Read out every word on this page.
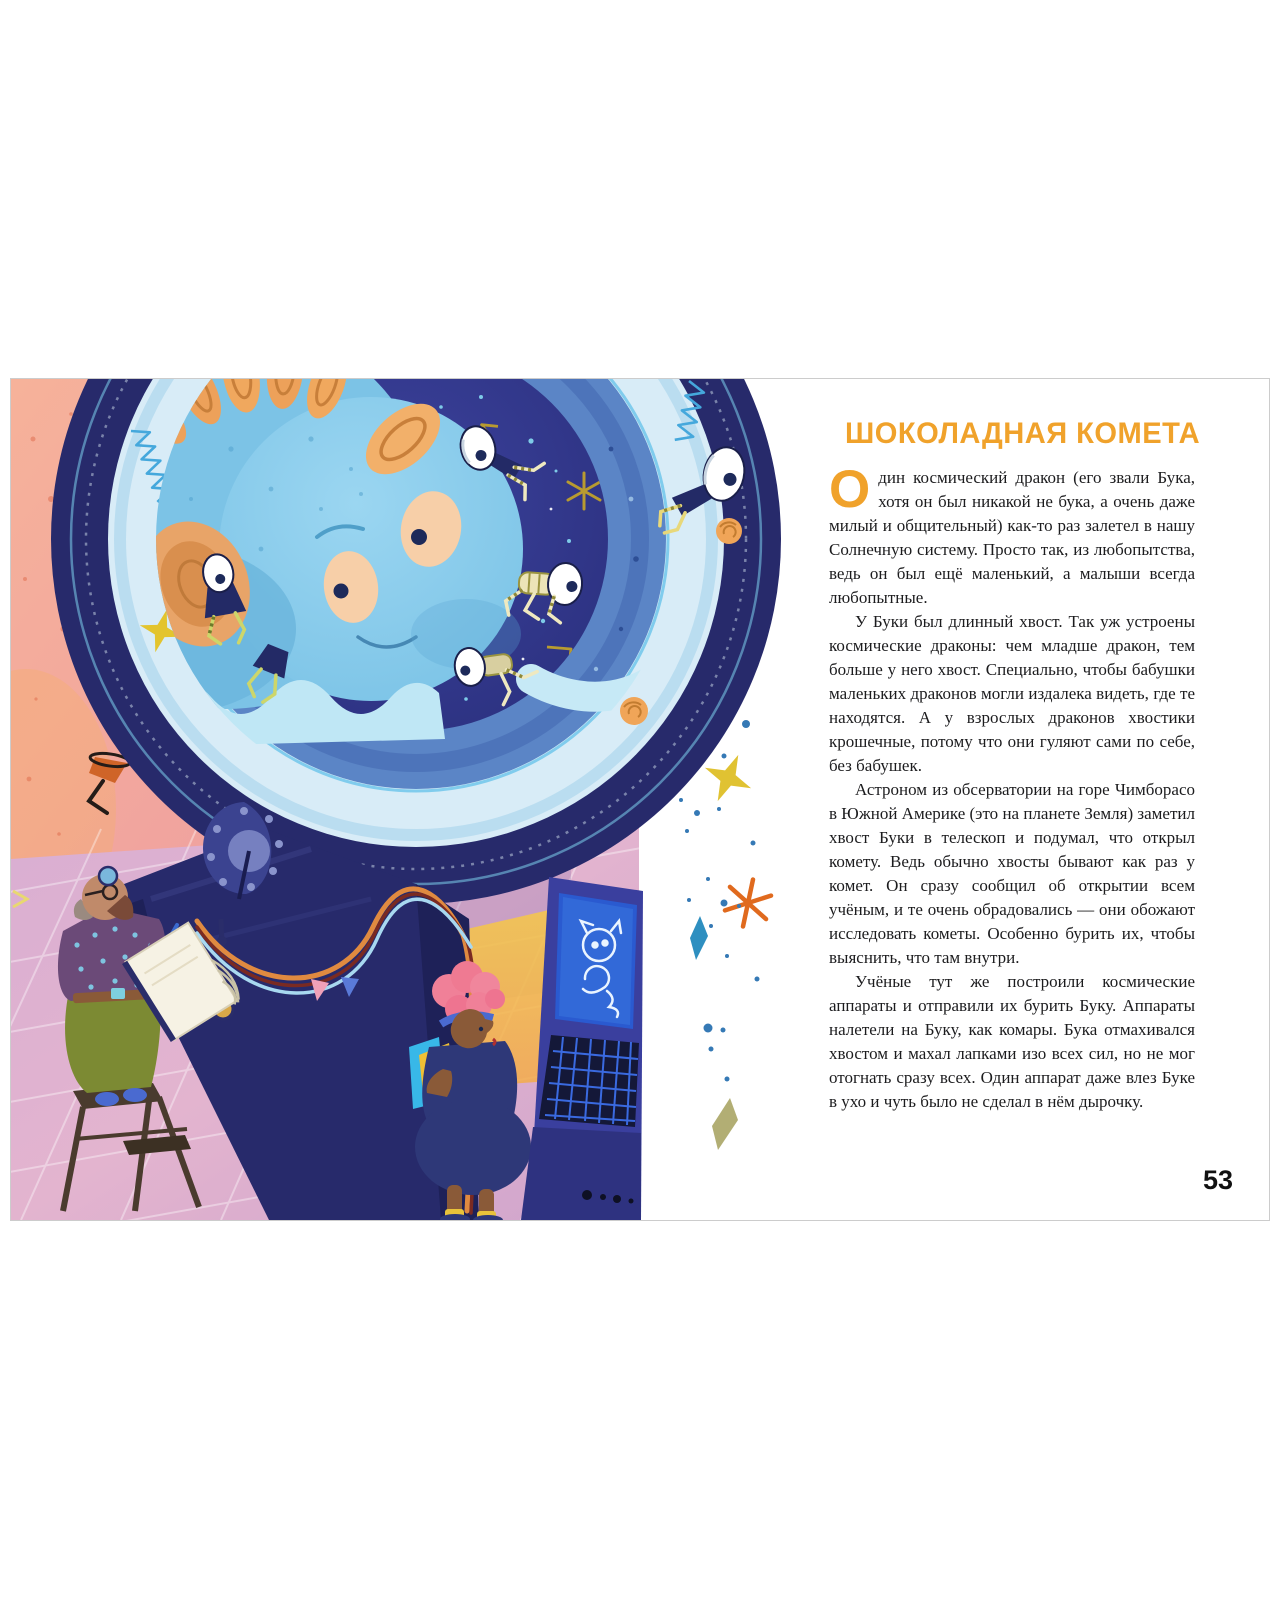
ШОКОЛАДНАЯ КОМЕТА

Один космический дракон (его звали Бука, хотя он был никакой не бука, а очень даже милый и общительный) как-то раз залетел в нашу Солнечную систему. Просто так, из любопытства, ведь он был ещё маленький, а малыши всегда любопытные.

У Буки был длинный хвост. Так уж устроены космические драконы: чем младше дракон, тем больше у него хвост. Специально, чтобы бабушки маленьких драконов могли издалека видеть, где те находятся. А у взрослых драконов хвостики крошечные, потому что они гуляют сами по себе, без бабушек.

Астроном из обсерватории на горе Чимборасо в Южной Америке (это на планете Земля) заметил хвост Буки в телескоп и подумал, что открыл комету. Ведь обычно хвосты бывают как раз у комет. Он сразу сообщил об открытии всем учёным, и те очень обрадовались — они обожают исследовать кометы. Особенно бурить их, чтобы выяснить, что там внутри.

Учёные тут же построили космические аппараты и отправили их бурить Буку. Аппараты налетели на Буку, как комары. Бука отмахивался хвостом и махал лапками изо всех сил, но не мог отогнать сразу всех. Один аппарат даже влез Буке в ухо и чуть было не сделал в нём дырочку.

53
